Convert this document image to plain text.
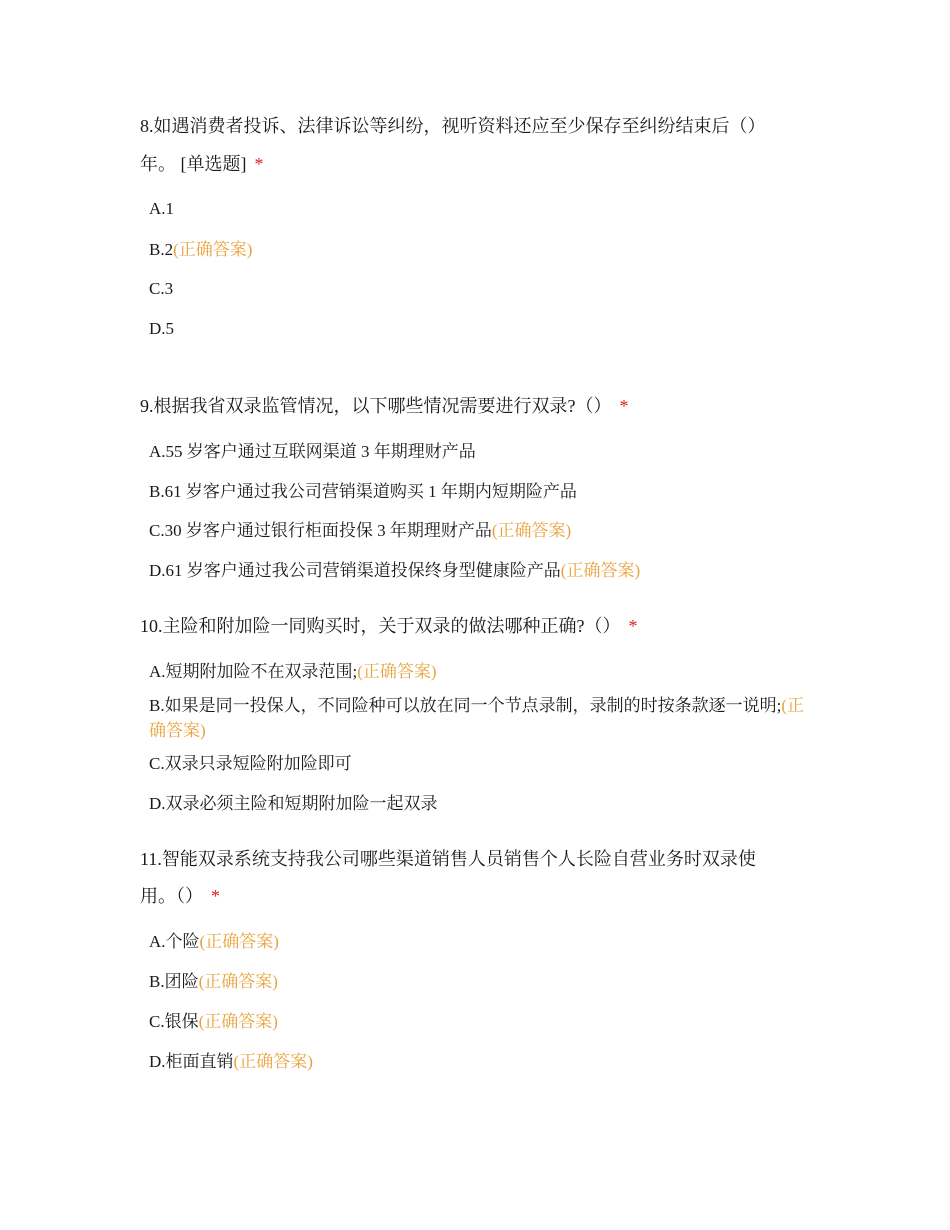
8.如遇消费者投诉、法律诉讼等纠纷，视听资料还应至少保存至纠纷结束后（）
年。 [单选题] *
A.1
B.2(正确答案)
C.3
D.5
9.根据我省双录监管情况，以下哪些情况需要进行双录?（） *
A.55 岁客户通过互联网渠道 3 年期理财产品
B.61 岁客户通过我公司营销渠道购买 1 年期内短期险产品
C.30 岁客户通过银行柜面投保 3 年期理财产品(正确答案)
D.61 岁客户通过我公司营销渠道投保终身型健康险产品(正确答案)
10.主险和附加险一同购买时，关于双录的做法哪种正确?（） *
A.短期附加险不在双录范围;(正确答案)
B.如果是同一投保人，不同险种可以放在同一个节点录制，录制的时按条款逐一说明;(正确答案)
C.双录只录短险附加险即可
D.双录必须主险和短期附加险一起双录
11.智能双录系统支持我公司哪些渠道销售人员销售个人长险自营业务时双录使
用。（） *
A.个险(正确答案)
B.团险(正确答案)
C.银保(正确答案)
D.柜面直销(正确答案)
